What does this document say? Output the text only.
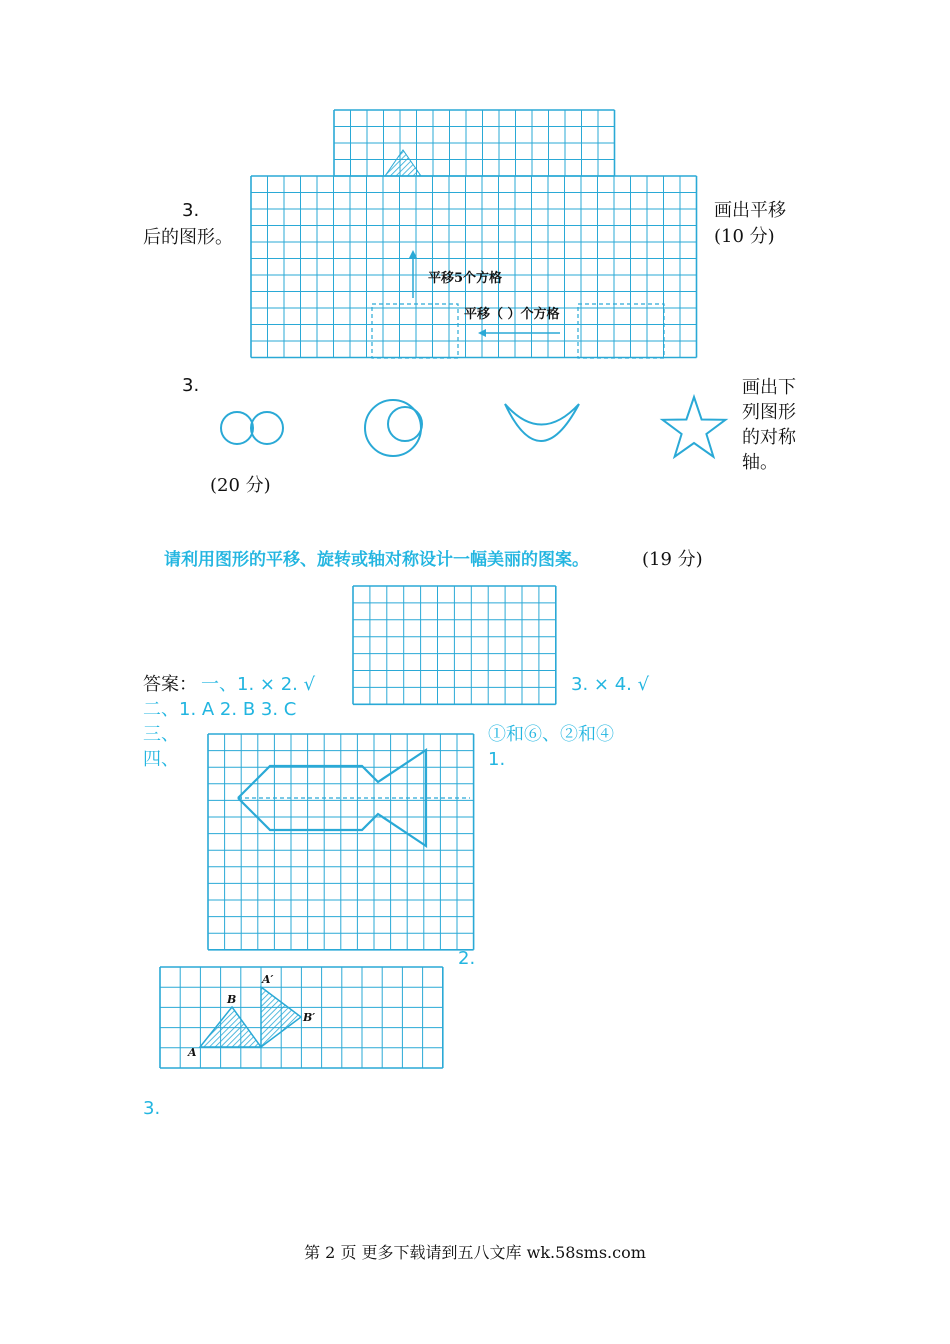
平移5个方格
平移（ ）个方格
3.
后的图形。
画出平移
(10 分)
3.	画出下
列图形
的对称
轴。
(20 分)
请利用图形的平移、旋转或轴对称设计一幅美丽的图案。	(19 分)
答案： 一、1. × 2. √	3. × 4. √
二、1. A 2. B 3. C
三、	①和⑥、②和④
四、	1.
2.
A
B
A′
B′
3.
第 2 页 更多下载请到五八文库 wk.58sms.com
